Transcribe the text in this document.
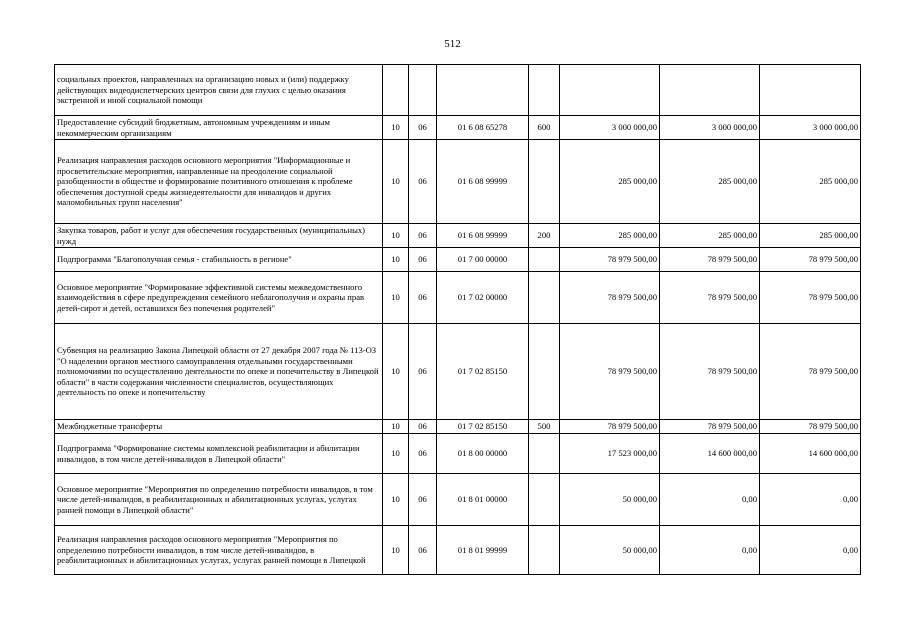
512
социальных проектов, направленных на организацию новых и (или) поддержку действующих видеодиспетчерских центров связи для глухих с целью оказания экстренной и иной социальной помощи							
Предоставление субсидий бюджетным, автономным учреждениям и иным некоммерческим организациям	10	06	01 6 08 65278	600	3 000 000,00	3 000 000,00	3 000 000,00
Реализация направления расходов основного мероприятия "Информационные и просветительские мероприятия, направленные на преодоление социальной разобщенности в обществе и формирование позитивного отношения к проблеме обеспечения доступной среды жизнедеятельности для инвалидов и других маломобильных групп населения"	10	06	01 6 08 99999		285 000,00	285 000,00	285 000,00
Закупка товаров, работ и услуг для обеспечения государственных (муниципальных) нужд	10	06	01 6 08 99999	200	285 000,00	285 000,00	285 000,00
Подпрограмма "Благополучная семья - стабильность в регионе"	10	06	01 7 00 00000		78 979 500,00	78 979 500,00	78 979 500,00
Основное мероприятие "Формирование эффективной системы межведомственного взаимодействия в сфере предупреждения семейного неблагополучия и охраны прав детей-сирот и детей, оставшихся без попечения родителей"	10	06	01 7 02 00000		78 979 500,00	78 979 500,00	78 979 500,00
Субвенция на реализацию Закона Липецкой области от 27 декабря 2007 года № 113-ОЗ "О наделении органов местного самоуправления отдельными государственными полномочиями по осуществлению деятельности по опеке и попечительству в Липецкой области" в части содержания численности специалистов, осуществляющих деятельность по опеке и попечительству	10	06	01 7 02 85150		78 979 500,00	78 979 500,00	78 979 500,00
Межбюджетные трансферты	10	06	01 7 02 85150	500	78 979 500,00	78 979 500,00	78 979 500,00
Подпрограмма "Формирование системы комплексной реабилитации и абилитации инвалидов, в том числе детей-инвалидов в Липецкой области"	10	06	01 8 00 00000		17 523 000,00	14 600 000,00	14 600 000,00
Основное мероприятие "Мероприятия по определению потребности инвалидов, в том числе детей-инвалидов, в реабилитационных и абилитационных услугах, услугах ранней помощи в Липецкой области"	10	06	01 8 01 00000		50 000,00	0,00	0,00
Реализация направления расходов основного мероприятия "Мероприятия по определению потребности инвалидов, в том числе детей-инвалидов, в реабилитационных и абилитационных услугах, услугах ранней помощи в Липецкой	10	06	01 8 01 99999		50 000,00	0,00	0,00
